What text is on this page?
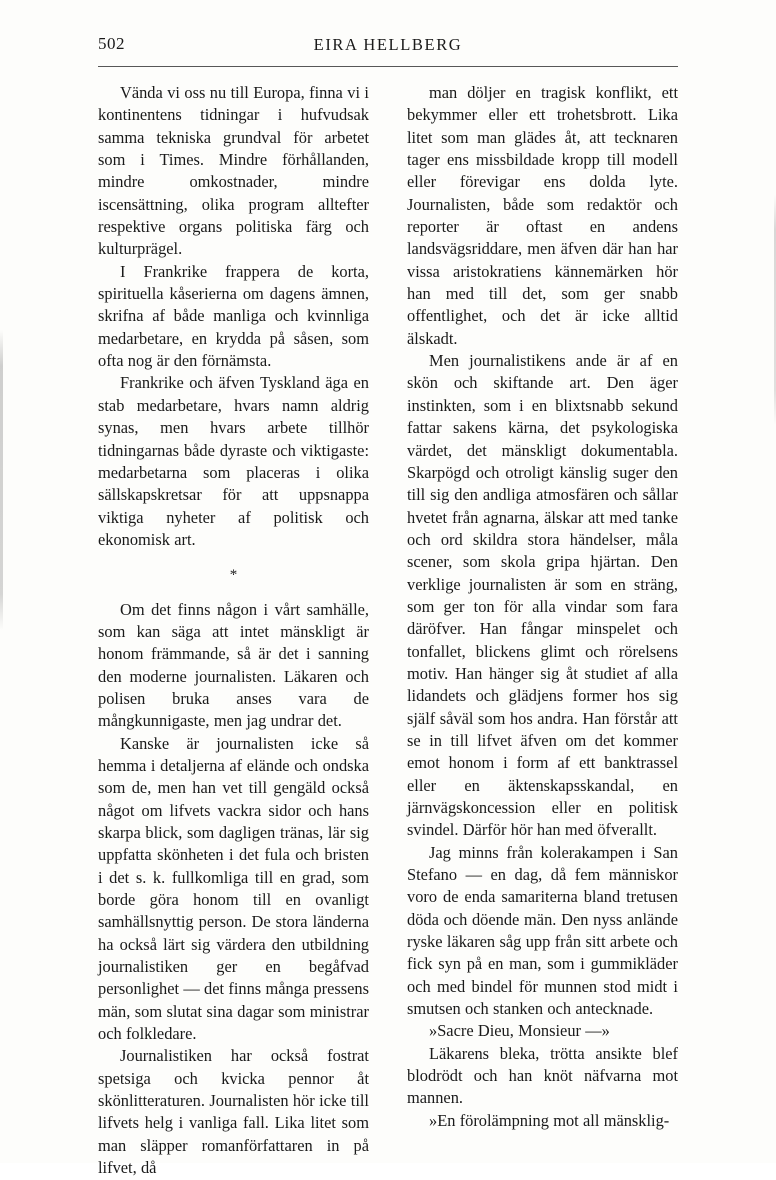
502	EIRA HELLBERG

Vända vi oss nu till Europa, finna vi i kontinentens tidningar i hufvudsak samma tekniska grundval för arbetet som i Times. Mindre förhållanden, mindre omkostnader, mindre iscensättning, olika program alltefter respektive organs politiska färg och kulturprägel.

I Frankrike frappera de korta, spirituella kåserierna om dagens ämnen, skrifna af både manliga och kvinnliga medarbetare, en krydda på såsen, som ofta nog är den förnämsta.

Frankrike och äfven Tyskland äga en stab medarbetare, hvars namn aldrig synas, men hvars arbete tillhör tidningarnas både dyraste och viktigaste: medarbetarna som placeras i olika sällskapskretsar för att uppsnappa viktiga nyheter af politisk och ekonomisk art.

*

Om det finns någon i vårt samhälle, som kan säga att intet mänskligt är honom främmande, så är det i sanning den moderne journalisten. Läkaren och polisen bruka anses vara de mångkunnigaste, men jag undrar det.

Kanske är journalisten icke så hemma i detaljerna af elände och ondska som de, men han vet till gengäld också något om lifvets vackra sidor och hans skarpa blick, som dagligen tränas, lär sig uppfatta skönheten i det fula och bristen i det s. k. fullkomliga till en grad, som borde göra honom till en ovanligt samhällsnyttig person. De stora länderna ha också lärt sig värdera den utbildning journalistiken ger en begåfvad personlighet — det finns många pressens män, som slutat sina dagar som ministrar och folkledare.

Journalistiken har också fostrat spetsiga och kvicka pennor åt skönlitteraturen. Journalisten hör icke till lifvets helg i vanliga fall. Lika litet som man släpper romanförfattaren in på lifvet, då

man döljer en tragisk konflikt, ett bekymmer eller ett trohetsbrott. Lika litet som man glädes åt, att tecknaren tager ens missbildade kropp till modell eller förevigar ens dolda lyte. Journalisten, både som redaktör och reporter är oftast en andens landsvägsriddare, men äfven där han har vissa aristokratiens kännemärken hör han med till det, som ger snabb offentlighet, och det är icke alltid älskadt.

Men journalistikens ande är af en skön och skiftande art. Den äger instinkten, som i en blixtsnabb sekund fattar sakens kärna, det psykologiska värdet, det mänskligt dokumentabla. Skarpögd och otroligt känslig suger den till sig den andliga atmosfären och sållar hvetet från agnarna, älskar att med tanke och ord skildra stora händelser, måla scener, som skola gripa hjärtan. Den verklige journalisten är som en sträng, som ger ton för alla vindar som fara däröfver. Han fångar minspelet och tonfallet, blickens glimt och rörelsens motiv. Han hänger sig åt studiet af alla lidandets och glädjens former hos sig själf såväl som hos andra. Han förstår att se in till lifvet äfven om det kommer emot honom i form af ett banktrassel eller en äktenskapsskandal, en järnvägskoncession eller en politisk svindel. Därför hör han med öfverallt.

Jag minns från kolerakampen i San Stefano — en dag, då fem människor voro de enda samariterna bland tretusen döda och döende män. Den nyss anlände ryske läkaren såg upp från sitt arbete och fick syn på en man, som i gummikläder och med bindel för munnen stod midt i smutsen och stanken och antecknade.

»Sacre Dieu, Monsieur —»

Läkarens bleka, trötta ansikte blef blodrödt och han knöt näfvarna mot mannen.

»En förolämpning mot all mänsklig-
